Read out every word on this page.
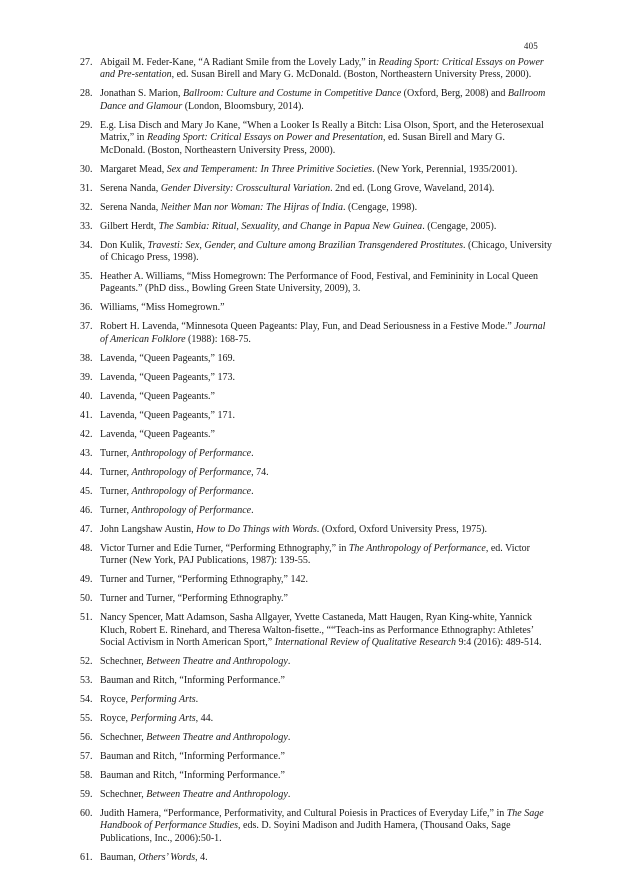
405
27. Abigail M. Feder-Kane, “A Radiant Smile from the Lovely Lady,” in Reading Sport: Critical Essays on Power and Pre-sentation, ed. Susan Birell and Mary G. McDonald. (Boston, Northeastern University Press, 2000).
28. Jonathan S. Marion, Ballroom: Culture and Costume in Competitive Dance (Oxford, Berg, 2008) and Ballroom Dance and Glamour (London, Bloomsbury, 2014).
29. E.g. Lisa Disch and Mary Jo Kane, “When a Looker Is Really a Bitch: Lisa Olson, Sport, and the Heterosexual Matrix,” in Reading Sport: Critical Essays on Power and Presentation, ed. Susan Birell and Mary G. McDonald. (Boston, Northeastern University Press, 2000).
30. Margaret Mead, Sex and Temperament: In Three Primitive Societies. (New York, Perennial, 1935/2001).
31. Serena Nanda, Gender Diversity: Crosscultural Variation. 2nd ed. (Long Grove, Waveland, 2014).
32. Serena Nanda, Neither Man nor Woman: The Hijras of India. (Cengage, 1998).
33. Gilbert Herdt, The Sambia: Ritual, Sexuality, and Change in Papua New Guinea. (Cengage, 2005).
34. Don Kulik, Travesti: Sex, Gender, and Culture among Brazilian Transgendered Prostitutes. (Chicago, University of Chicago Press, 1998).
35. Heather A. Williams, “Miss Homegrown: The Performance of Food, Festival, and Femininity in Local Queen Pageants.” (PhD diss., Bowling Green State University, 2009), 3.
36. Williams, “Miss Homegrown.”
37. Robert H. Lavenda, “Minnesota Queen Pageants: Play, Fun, and Dead Seriousness in a Festive Mode.” Journal of American Folklore (1988): 168-75.
38. Lavenda, “Queen Pageants,” 169.
39. Lavenda, “Queen Pageants,” 173.
40. Lavenda, “Queen Pageants.”
41. Lavenda, “Queen Pageants,” 171.
42. Lavenda, “Queen Pageants.”
43. Turner, Anthropology of Performance.
44. Turner, Anthropology of Performance, 74.
45. Turner, Anthropology of Performance.
46. Turner, Anthropology of Performance.
47. John Langshaw Austin, How to Do Things with Words. (Oxford, Oxford University Press, 1975).
48. Victor Turner and Edie Turner, “Performing Ethnography,” in The Anthropology of Performance, ed. Victor Turner (New York, PAJ Publications, 1987): 139-55.
49. Turner and Turner, “Performing Ethnography,” 142.
50. Turner and Turner, “Performing Ethnography.”
51. Nancy Spencer, Matt Adamson, Sasha Allgayer, Yvette Castaneda, Matt Haugen, Ryan King-white, Yannick Kluch, Robert E. Rinehard, and Theresa Walton-fisette., ““Teach-ins as Performance Ethnography: Athletes’ Social Activism in North American Sport,” International Review of Qualitative Research 9:4 (2016): 489-514.
52. Schechner, Between Theatre and Anthropology.
53. Bauman and Ritch, “Informing Performance.”
54. Royce, Performing Arts.
55. Royce, Performing Arts, 44.
56. Schechner, Between Theatre and Anthropology.
57. Bauman and Ritch, “Informing Performance.”
58. Bauman and Ritch, “Informing Performance.”
59. Schechner, Between Theatre and Anthropology.
60. Judith Hamera, “Performance, Performativity, and Cultural Poiesis in Practices of Everyday Life,” in The Sage Handbook of Performance Studies, eds. D. Soyini Madison and Judith Hamera, (Thousand Oaks, Sage Publications, Inc., 2006):50-1.
61. Bauman, Others’ Words, 4.
